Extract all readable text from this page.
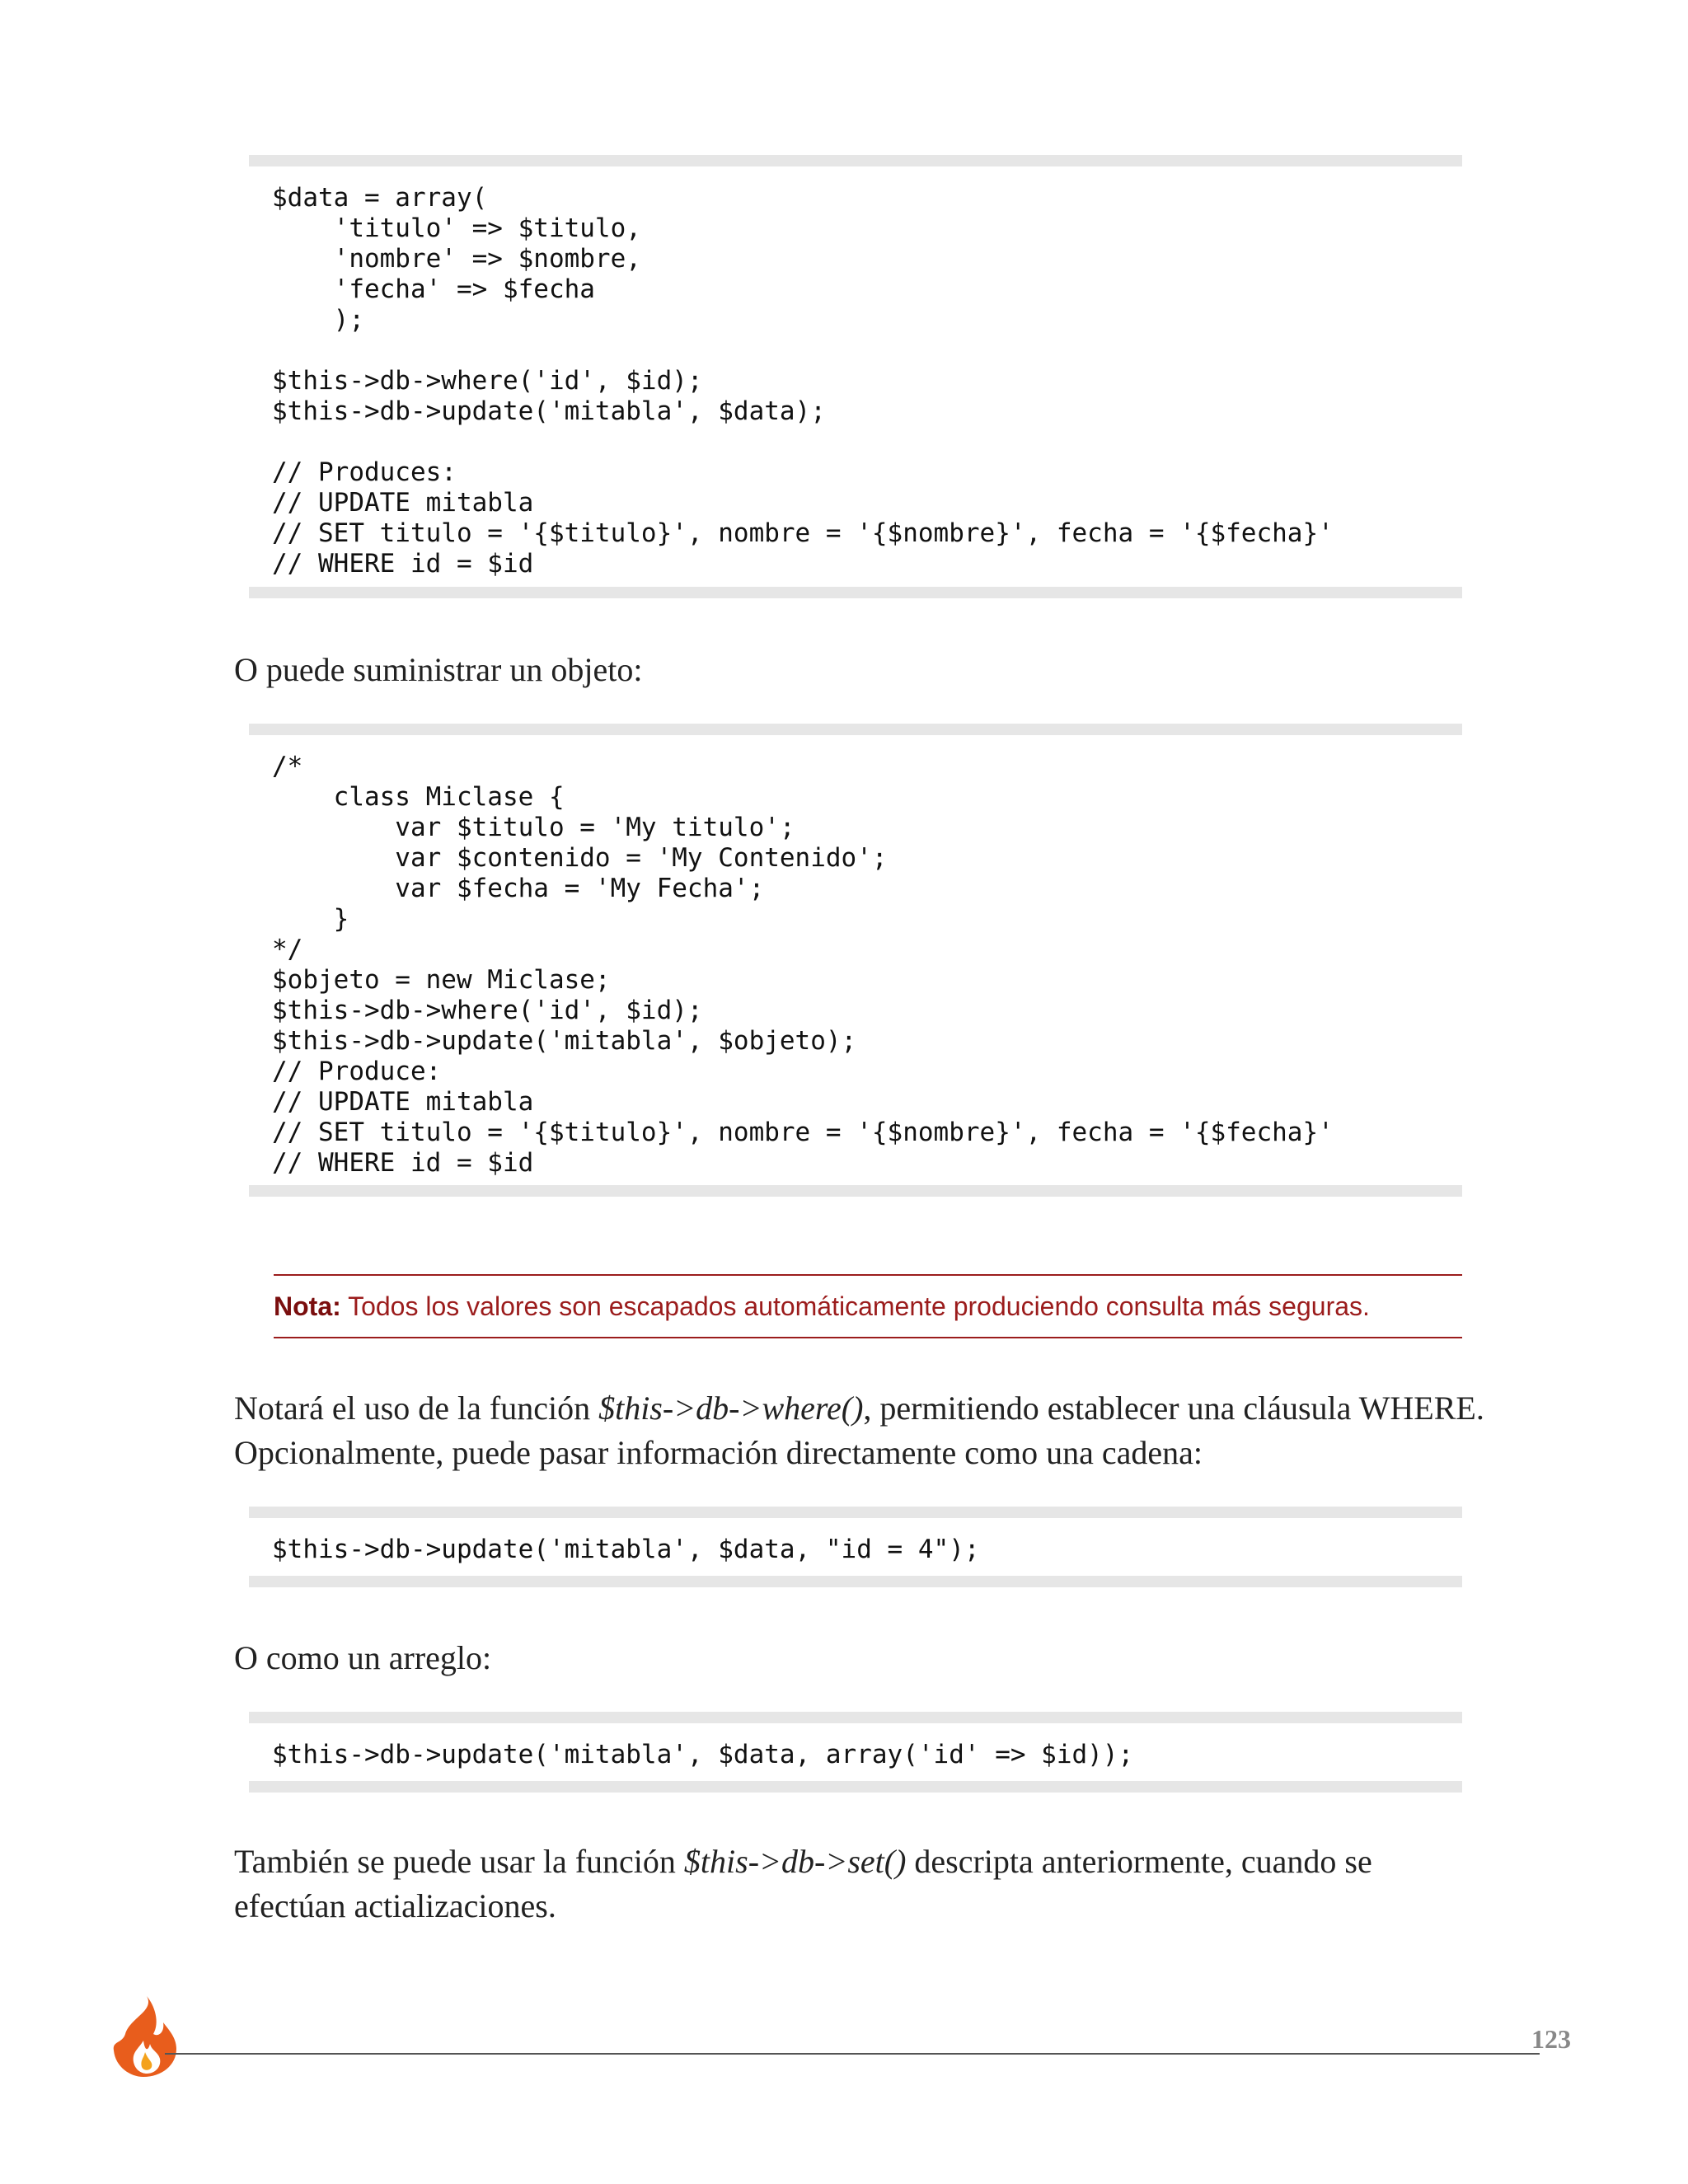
$data = array(
'titulo' => $titulo,
'nombre' => $nombre,
'fecha' => $fecha
);

$this->db->where('id', $id);
$this->db->update('mitabla', $data);

// Produces:
// UPDATE mitabla
// SET titulo = '{$titulo}', nombre = '{$nombre}', fecha = '{$fecha}'
// WHERE id = $id

O puede suministrar un objeto:

/*
class Miclase {
var $titulo = 'My titulo';
var $contenido = 'My Contenido';
var $fecha = 'My Fecha';
}
*/
$objeto = new Miclase;
$this->db->where('id', $id);
$this->db->update('mitabla', $objeto);
// Produce:
// UPDATE mitabla
// SET titulo = '{$titulo}', nombre = '{$nombre}', fecha = '{$fecha}'
// WHERE id = $id
Nota: Todos los valores son escapados automáticamente produciendo consulta más seguras.

Notará el uso de la función $this->db->where(), permitiendo establecer una cláusula WHERE. Opcionalmente, puede pasar información directamente como una cadena:

$this->db->update('mitabla', $data, "id = 4");

O como un arreglo:

$this->db->update('mitabla', $data, array('id' => $id));

También se puede usar la función $this->db->set() descripta anteriormente, cuando se efectúan actializaciones.

123
